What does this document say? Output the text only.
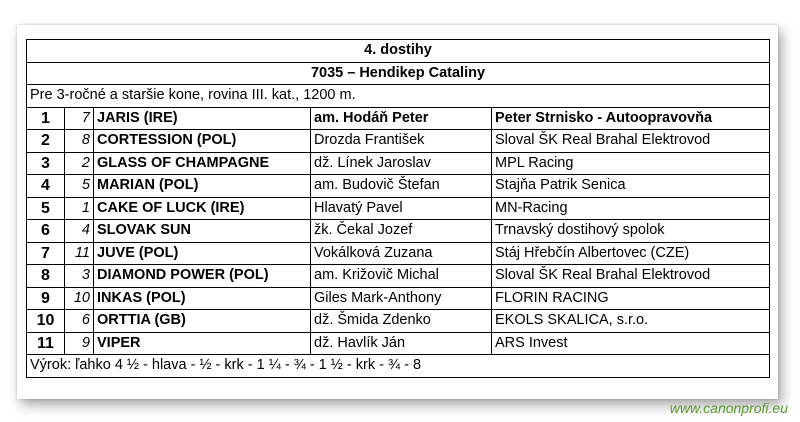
4. dostihy				
7035 – Hendikep Cataliny				
Pre 3-ročné a staršie kone, rovina III. kat., 1200 m.				
1	7	JARIS (IRE)	am. Hodáň Peter	Peter Strnisko - Autoopravovňa
2	8	CORTESSION (POL)	Drozda František	Sloval ŠK Real Brahal Elektrovod
3	2	GLASS OF CHAMPAGNE	dž. Línek Jaroslav	MPL Racing
4	5	MARIAN (POL)	am. Budovič Štefan	Stajňa Patrik Senica
5	1	CAKE OF LUCK (IRE)	Hlavatý Pavel	MN-Racing
6	4	SLOVAK SUN	žk. Čekal Jozef	Trnavský dostihový spolok
7	11	JUVE (POL)	Vokálková Zuzana	Stáj Hřebčín Albertovec (CZE)
8	3	DIAMOND POWER (POL)	am. Križovič Michal	Sloval ŠK Real Brahal Elektrovod
9	10	INKAS (POL)	Giles Mark-Anthony	FLORIN RACING
10	6	ORTTIA (GB)	dž. Šmida Zdenko	EKOLS SKALICA, s.r.o.
11	9	VIPER	dž. Havlík Ján	ARS Invest
Výrok: ľahko 4 ½ - hlava - ½ - krk - 1 ¼ - ¾ - 1 ½ - krk - ¾ - 8				
www.canonprofi.eu
